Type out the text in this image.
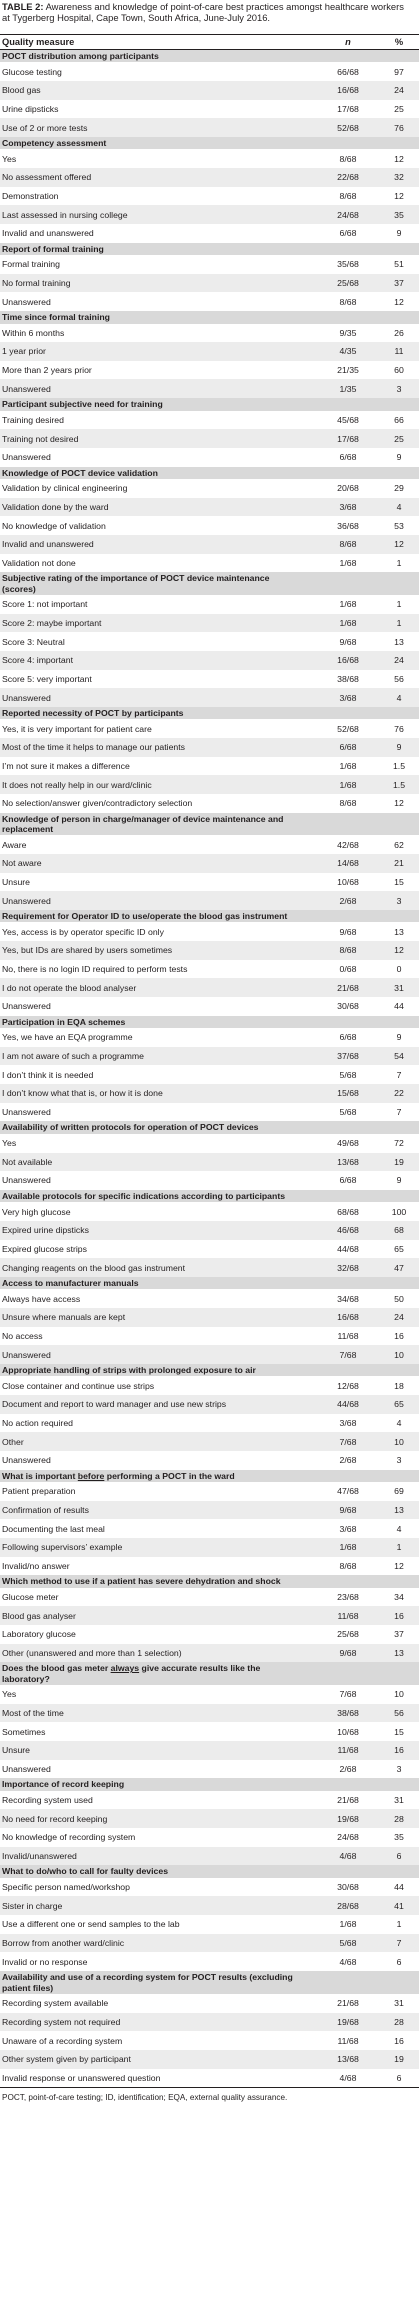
TABLE 2: Awareness and knowledge of point-of-care best practices amongst healthcare workers at Tygerberg Hospital, Cape Town, South Africa, June-July 2016.

Quality measure	n	%
POCT distribution among participants
Glucose testing	66/68	97
Blood gas	16/68	24
Urine dipsticks	17/68	25
Use of 2 or more tests	52/68	76
Competency assessment
Yes	8/68	12
No assessment offered	22/68	32
Demonstration	8/68	12
Last assessed in nursing college	24/68	35
Invalid and unanswered	6/68	9
Report of formal training
Formal training	35/68	51
No formal training	25/68	37
Unanswered	8/68	12
Time since formal training
Within 6 months	9/35	26
1 year prior	4/35	11
More than 2 years prior	21/35	60
Unanswered	1/35	3
Participant subjective need for training
Training desired	45/68	66
Training not desired	17/68	25
Unanswered	6/68	9
Knowledge of POCT device validation
Validation by clinical engineering	20/68	29
Validation done by the ward	3/68	4
No knowledge of validation	36/68	53
Invalid and unanswered	8/68	12
Validation not done	1/68	1
Subjective rating of the importance of POCT device maintenance (scores)
Score 1: not important	1/68	1
Score 2: maybe important	1/68	1
Score 3: Neutral	9/68	13
Score 4: important	16/68	24
Score 5: very important	38/68	56
Unanswered	3/68	4
Reported necessity of POCT by participants
Yes, it is very important for patient care	52/68	76
Most of the time it helps to manage our patients	6/68	9
I’m not sure it makes a difference	1/68	1.5
It does not really help in our ward/clinic	1/68	1.5
No selection/answer given/contradictory selection	8/68	12
Knowledge of person in charge/manager of device maintenance and replacement
Aware	42/68	62
Not aware	14/68	21
Unsure	10/68	15
Unanswered	2/68	3
Requirement for Operator ID to use/operate the blood gas instrument
Yes, access is by operator specific ID only	9/68	13
Yes, but IDs are shared by users sometimes	8/68	12
No, there is no login ID required to perform tests	0/68	0
I do not operate the blood analyser	21/68	31
Unanswered	30/68	44
Participation in EQA schemes
Yes, we have an EQA programme	6/68	9
I am not aware of such a programme	37/68	54
I don’t think it is needed	5/68	7
I don’t know what that is, or how it is done	15/68	22
Unanswered	5/68	7
Availability of written protocols for operation of POCT devices
Yes	49/68	72
Not available	13/68	19
Unanswered	6/68	9
Available protocols for specific indications according to participants
Very high glucose	68/68	100
Expired urine dipsticks	46/68	68
Expired glucose strips	44/68	65
Changing reagents on the blood gas instrument	32/68	47
Access to manufacturer manuals
Always have access	34/68	50
Unsure where manuals are kept	16/68	24
No access	11/68	16
Unanswered	7/68	10
Appropriate handling of strips with prolonged exposure to air
Close container and continue use strips	12/68	18
Document and report to ward manager and use new strips	44/68	65
No action required	3/68	4
Other	7/68	10
Unanswered	2/68	3
What is important before performing a POCT in the ward
Patient preparation	47/68	69
Confirmation of results	9/68	13
Documenting the last meal	3/68	4
Following supervisors’ example	1/68	1
Invalid/no answer	8/68	12
Which method to use if a patient has severe dehydration and shock
Glucose meter	23/68	34
Blood gas analyser	11/68	16
Laboratory glucose	25/68	37
Other (unanswered and more than 1 selection)	9/68	13
Does the blood gas meter always give accurate results like the laboratory?
Yes	7/68	10
Most of the time	38/68	56
Sometimes	10/68	15
Unsure	11/68	16
Unanswered	2/68	3
Importance of record keeping
Recording system used	21/68	31
No need for record keeping	19/68	28
No knowledge of recording system	24/68	35
Invalid/unanswered	4/68	6
What to do/who to call for faulty devices
Specific person named/workshop	30/68	44
Sister in charge	28/68	41
Use a different one or send samples to the lab	1/68	1
Borrow from another ward/clinic	5/68	7
Invalid or no response	4/68	6
Availability and use of a recording system for POCT results (excluding patient files)
Recording system available	21/68	31
Recording system not required	19/68	28
Unaware of a recording system	11/68	16
Other system given by participant	13/68	19
Invalid response or unanswered question	4/68	6
POCT, point-of-care testing; ID, identification; EQA, external quality assurance.
